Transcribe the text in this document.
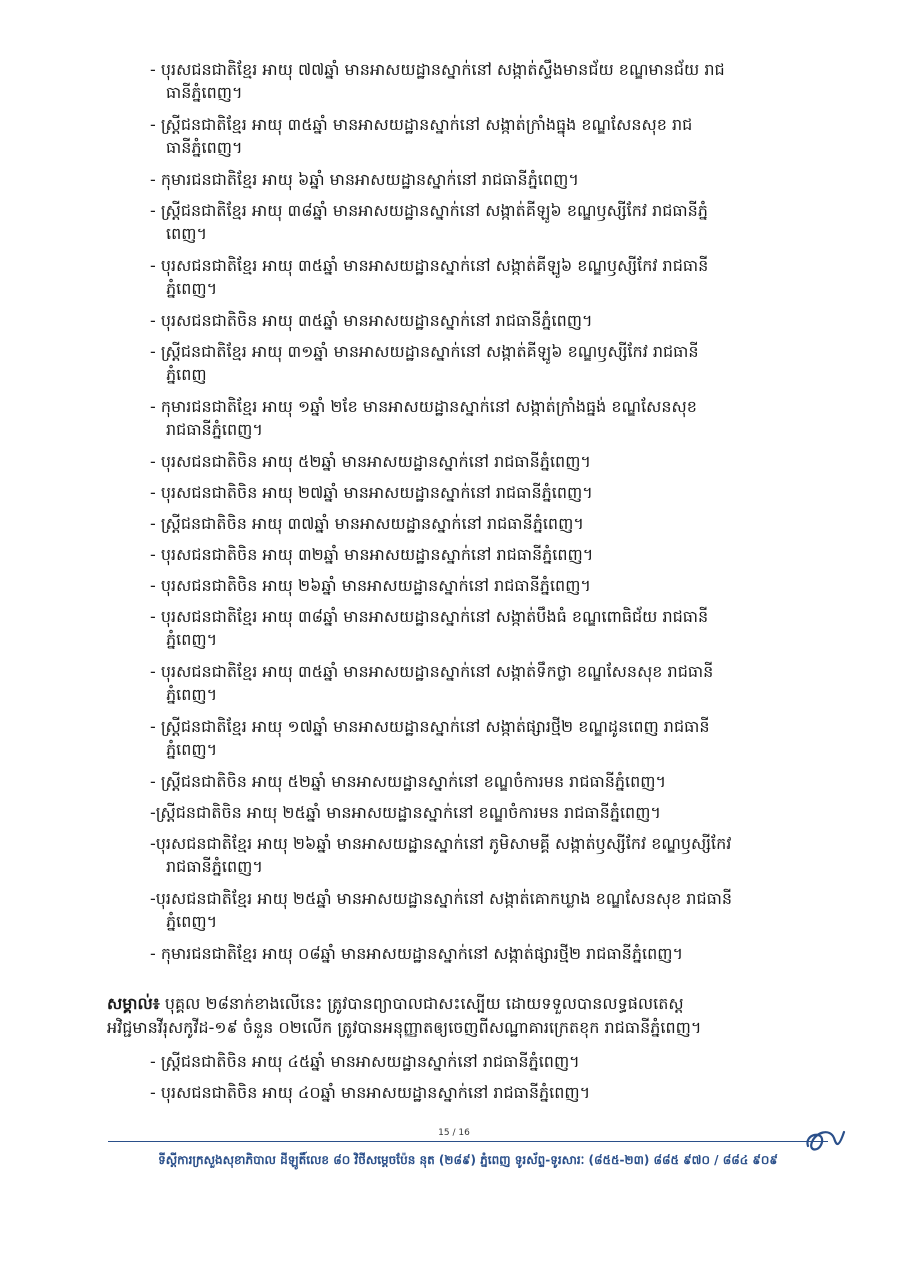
- បុរសជនជាតិខ្មែរ អាយុ ៧៧ឆ្នាំ មានអាសយដ្ឋានស្នាក់នៅ សង្កាត់ស្ទឹងមានជ័យ ខណ្ឌមានជ័យ រាជ
ធានីភ្នំពេញ។
- ស្ត្រីជនជាតិខ្មែរ អាយុ ៣៥ឆ្នាំ មានអាសយដ្ឋានស្នាក់នៅ សង្កាត់ក្រាំងធ្នុង ខណ្ឌសែនសុខ រាជ
ធានីភ្នំពេញ។
- កុមារជនជាតិខ្មែរ អាយុ ៦ឆ្នាំ មានអាសយដ្ឋានស្នាក់នៅ រាជធានីភ្នំពេញ។
- ស្ត្រីជនជាតិខ្មែរ អាយុ ៣៨ឆ្នាំ មានអាសយដ្ឋានស្នាក់នៅ សង្កាត់គីឡូ៦ ខណ្ឌឫស្សីកែវ រាជធានីភ្នំ
ពេញ។
- បុរសជនជាតិខ្មែរ អាយុ ៣៥ឆ្នាំ មានអាសយដ្ឋានស្នាក់នៅ សង្កាត់គីឡូ៦ ខណ្ឌឫស្សីកែវ រាជធានី
ភ្នំពេញ។
- បុរសជនជាតិចិន អាយុ ៣៥ឆ្នាំ មានអាសយដ្ឋានស្នាក់នៅ រាជធានីភ្នំពេញ។
- ស្ត្រីជនជាតិខ្មែរ អាយុ ៣១ឆ្នាំ មានអាសយដ្ឋានស្នាក់នៅ សង្កាត់គីឡូ៦ ខណ្ឌឫស្សីកែវ រាជធានី
ភ្នំពេញ
- កុមារជនជាតិខ្មែរ អាយុ ១ឆ្នាំ ២ខែ មានអាសយដ្ឋានស្នាក់នៅ សង្កាត់ក្រាំងធ្នង់ ខណ្ឌសែនសុខ
រាជធានីភ្នំពេញ។
- បុរសជនជាតិចិន អាយុ ៥២ឆ្នាំ មានអាសយដ្ឋានស្នាក់នៅ រាជធានីភ្នំពេញ។
- បុរសជនជាតិចិន អាយុ ២៧ឆ្នាំ មានអាសយដ្ឋានស្នាក់នៅ រាជធានីភ្នំពេញ។
- ស្ត្រីជនជាតិចិន អាយុ ៣៧ឆ្នាំ មានអាសយដ្ឋានស្នាក់នៅ រាជធានីភ្នំពេញ។
- បុរសជនជាតិចិន អាយុ ៣២ឆ្នាំ មានអាសយដ្ឋានស្នាក់នៅ រាជធានីភ្នំពេញ។
- បុរសជនជាតិចិន អាយុ ២៦ឆ្នាំ មានអាសយដ្ឋានស្នាក់នៅ រាជធានីភ្នំពេញ។
- បុរសជនជាតិខ្មែរ អាយុ ៣៨ឆ្នាំ មានអាសយដ្ឋានស្នាក់នៅ សង្កាត់បឹងធំ ខណ្ឌពោធិជ័យ រាជធានី
ភ្នំពេញ។
- បុរសជនជាតិខ្មែរ អាយុ ៣៥ឆ្នាំ មានអាសយដ្ឋានស្នាក់នៅ សង្កាត់ទឹកថ្លា ខណ្ឌសែនសុខ រាជធានី
ភ្នំពេញ។
- ស្ត្រីជនជាតិខ្មែរ អាយុ ១៧ឆ្នាំ មានអាសយដ្ឋានស្នាក់នៅ សង្កាត់ផ្សារថ្មី២ ខណ្ឌដូនពេញ រាជធានី
ភ្នំពេញ។
- ស្ត្រីជនជាតិចិន អាយុ ៥២ឆ្នាំ មានអាសយដ្ឋានស្នាក់នៅ ខណ្ឌចំការមន រាជធានីភ្នំពេញ។
-ស្ត្រីជនជាតិចិន អាយុ ២៥ឆ្នាំ មានអាសយដ្ឋានស្នាក់នៅ ខណ្ឌចំការមន រាជធានីភ្នំពេញ។
-បុរសជនជាតិខ្មែរ អាយុ ២៦ឆ្នាំ មានអាសយដ្ឋានស្នាក់នៅ ភូមិសាមគ្គី សង្កាត់ឫស្សីកែវ ខណ្ឌឫស្សីកែវ
រាជធានីភ្នំពេញ។
-បុរសជនជាតិខ្មែរ អាយុ ២៥ឆ្នាំ មានអាសយដ្ឋានស្នាក់នៅ សង្កាត់គោកឃ្លាង ខណ្ឌសែនសុខ រាជធានី
ភ្នំពេញ។
- កុមារជនជាតិខ្មែរ អាយុ ០៨ឆ្នាំ មានអាសយដ្ឋានស្នាក់នៅ សង្កាត់ផ្សារថ្មី២ រាជធានីភ្នំពេញ។
សម្គាល់៖ បុគ្គល ២៨នាក់ខាងលើនេះ ត្រូវបានព្យាបាលជាសះស្បើយ ដោយទទួលបានលទ្ធផលតេស្ត
អវិជ្ជមានវីរុសកូវីដ-១៩ ចំនួន ០២លើក ត្រូវបានអនុញ្ញាតឲ្យចេញពីសណ្ឋាគារក្រេតខុក រាជធានីភ្នំពេញ។
- ស្ត្រីជនជាតិចិន អាយុ ៤៥ឆ្នាំ មានអាសយដ្ឋានស្នាក់នៅ រាជធានីភ្នំពេញ។
- បុរសជនជាតិចិន អាយុ ៤០ឆ្នាំ មានអាសយដ្ឋានស្នាក់នៅ រាជធានីភ្នំពេញ។
15 / 16
ទីស្តីការក្រសួងសុខាភិបាល ដីឡូតិ៍លេខ ៨០ វិថីសម្ដេចប៉ែន នុត (២៨៩) ភ្នំពេញ ទូរស័ព្ទ-ទូរសារៈ (៨៥៥-២៣) ៨៨៥ ៩៧០ / ៨៨៤ ៩០៩
